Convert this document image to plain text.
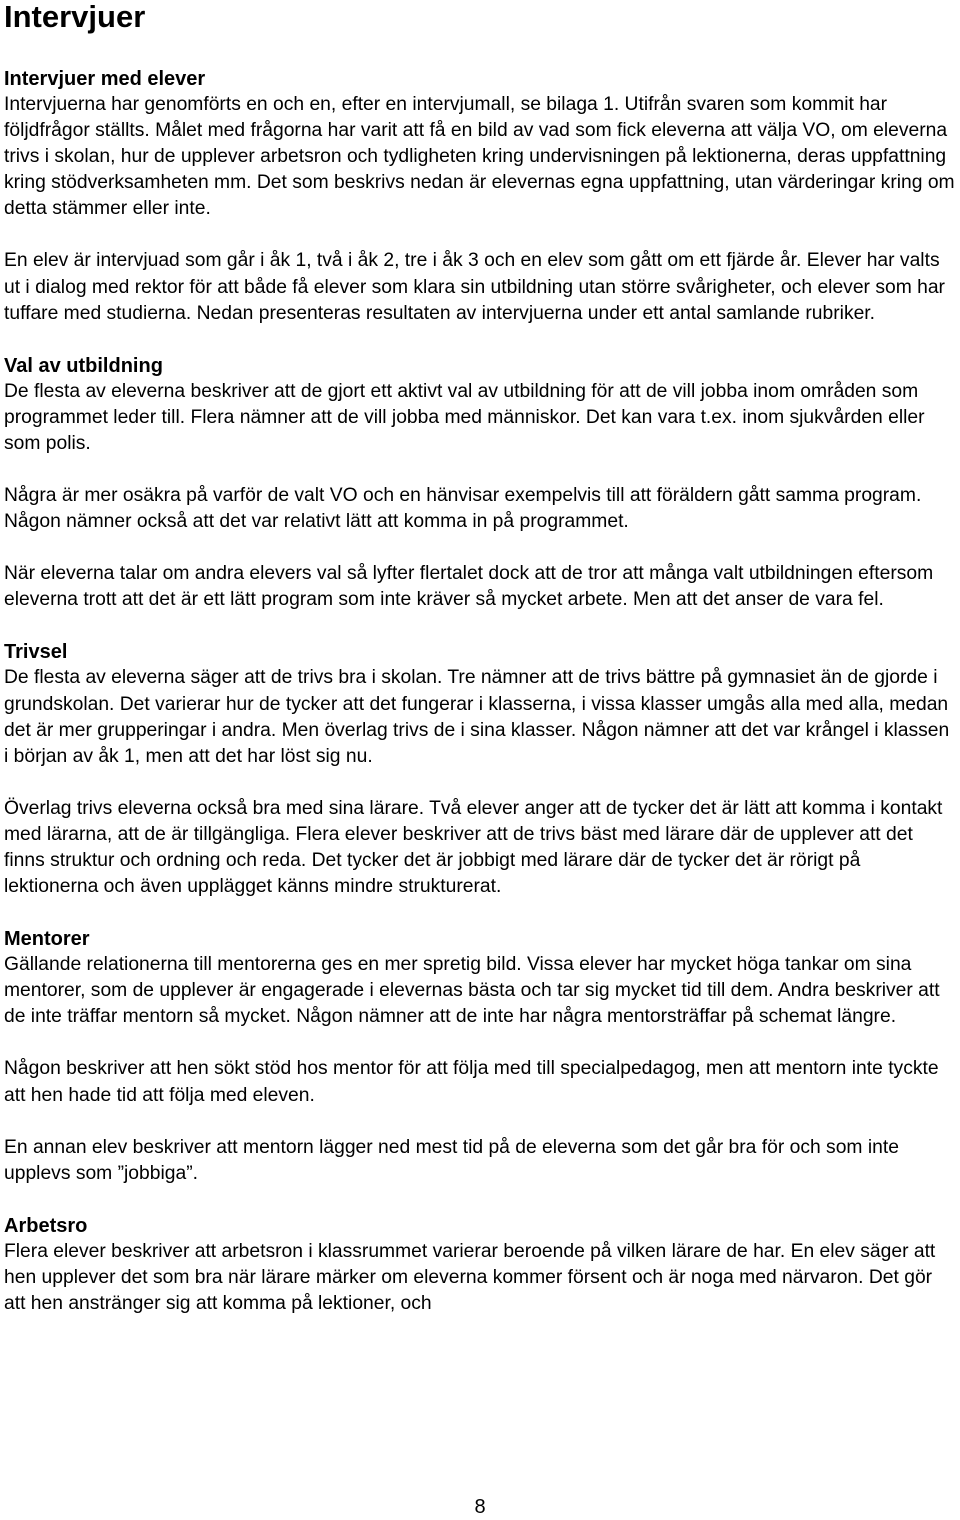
Intervjuer
Intervjuer med elever

Intervjuerna har genomförts en och en, efter en intervjumall, se bilaga 1. Utifrån svaren som kommit har följdfrågor ställts. Målet med frågorna har varit att få en bild av vad som fick eleverna att välja VO, om eleverna trivs i skolan, hur de upplever arbetsron och tydligheten kring undervisningen på lektionerna, deras uppfattning kring stödverksamheten mm. Det som beskrivs nedan är elevernas egna uppfattning, utan värderingar kring om detta stämmer eller inte.

En elev är intervjuad som går i åk 1, två i åk 2, tre i åk 3 och en elev som gått om ett fjärde år. Elever har valts ut i dialog med rektor för att både få elever som klara sin utbildning utan större svårigheter, och elever som har tuffare med studierna. Nedan presenteras resultaten av intervjuerna under ett antal samlande rubriker.

Val av utbildning

De flesta av eleverna beskriver att de gjort ett aktivt val av utbildning för att de vill jobba inom områden som programmet leder till. Flera nämner att de vill jobba med människor. Det kan vara t.ex. inom sjukvården eller som polis.

Några är mer osäkra på varför de valt VO och en hänvisar exempelvis till att föräldern gått samma program. Någon nämner också att det var relativt lätt att komma in på programmet.

När eleverna talar om andra elevers val så lyfter flertalet dock att de tror att många valt utbildningen eftersom eleverna trott att det är ett lätt program som inte kräver så mycket arbete. Men att det anser de vara fel.

Trivsel

De flesta av eleverna säger att de trivs bra i skolan. Tre nämner att de trivs bättre på gymnasiet än de gjorde i grundskolan. Det varierar hur de tycker att det fungerar i klasserna, i vissa klasser umgås alla med alla, medan det är mer grupperingar i andra. Men överlag trivs de i sina klasser. Någon nämner att det var krångel i klassen i början av åk 1, men att det har löst sig nu.

Överlag trivs eleverna också bra med sina lärare. Två elever anger att de tycker det är lätt att komma i kontakt med lärarna, att de är tillgängliga. Flera elever beskriver att de trivs bäst med lärare där de upplever att det finns struktur och ordning och reda. Det tycker det är jobbigt med lärare där de tycker det är rörigt på lektionerna och även upplägget känns mindre strukturerat.

Mentorer

Gällande relationerna till mentorerna ges en mer spretig bild. Vissa elever har mycket höga tankar om sina mentorer, som de upplever är engagerade i elevernas bästa och tar sig mycket tid till dem. Andra beskriver att de inte träffar mentorn så mycket. Någon nämner att de inte har några mentorsträffar på schemat längre.

Någon beskriver att hen sökt stöd hos mentor för att följa med till specialpedagog, men att mentorn inte tyckte att hen hade tid att följa med eleven.

En annan elev beskriver att mentorn lägger ned mest tid på de eleverna som det går bra för och som inte upplevs som ”jobbiga”.

Arbetsro

Flera elever beskriver att arbetsron i klassrummet varierar beroende på vilken lärare de har. En elev säger att hen upplever det som bra när lärare märker om eleverna kommer försent och är noga med närvaron. Det gör att hen anstränger sig att komma på lektioner, och

8
